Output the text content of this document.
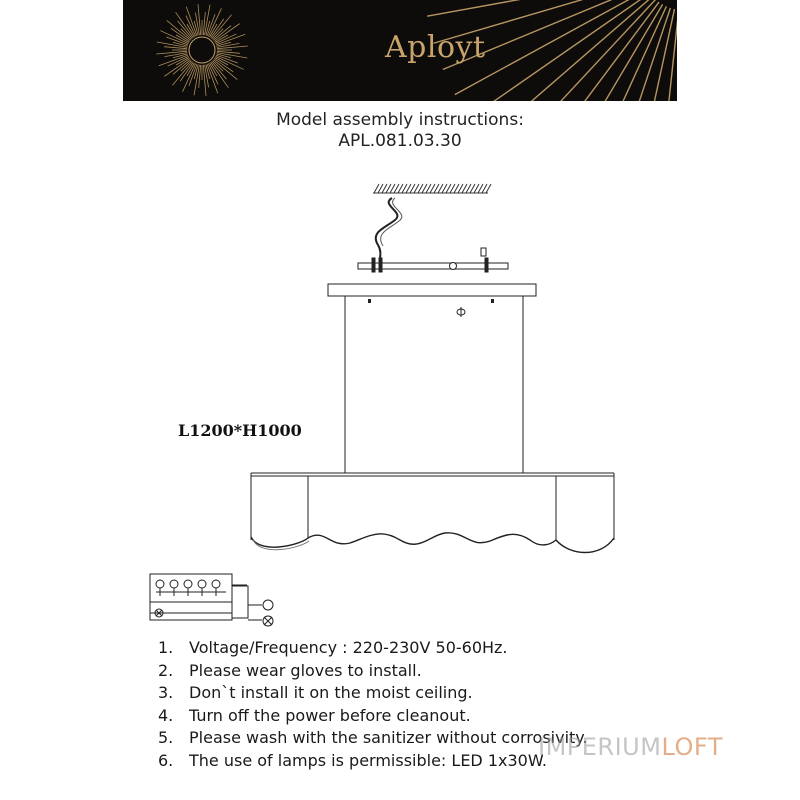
Aployt
Model assembly instructions:
APL.081.03.30
L1200*H1000
1. Voltage/Frequency : 220-230V 50-60Hz.
2. Please wear gloves to install.
3. Don`t install it on the moist ceiling.
4. Turn off the power before cleanout.
5. Please wash with the sanitizer without corrosivity.
6. The use of lamps is permissible: LED 1x30W.
IMPERIUMLOFT
